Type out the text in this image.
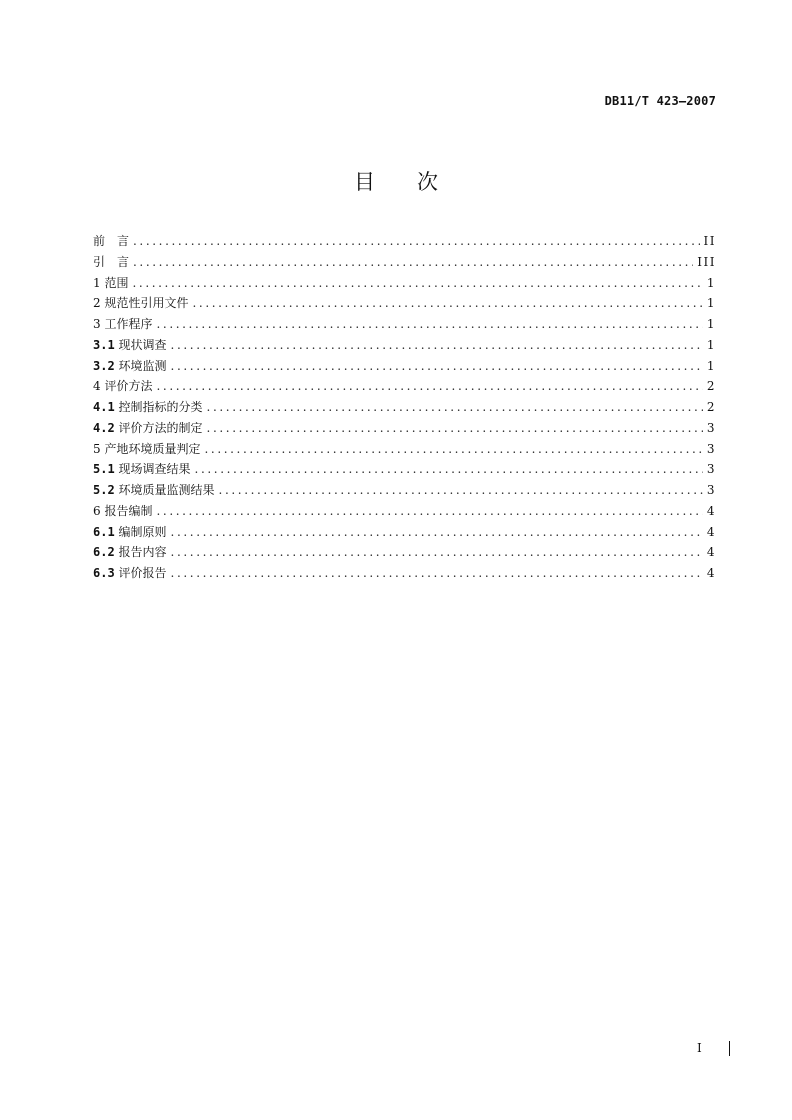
DB11/T 423—2007
目次
前　言 .....	II
引　言 .....	III
1 范围 .....	1
2 规范性引用文件 .....	1
3 工作程序 .....	1
3.1 现状调查 .....	1
3.2 环境监测 .....	1
4 评价方法 .....	2
4.1 控制指标的分类 .....	2
4.2 评价方法的制定 .....	3
5 产地环境质量判定 .....	3
5.1 现场调查结果 .....	3
5.2 环境质量监测结果 .....	3
6 报告编制 .....	4
6.1 编制原则 .....	4
6.2 报告内容 .....	4
6.3 评价报告 .....	4
I
